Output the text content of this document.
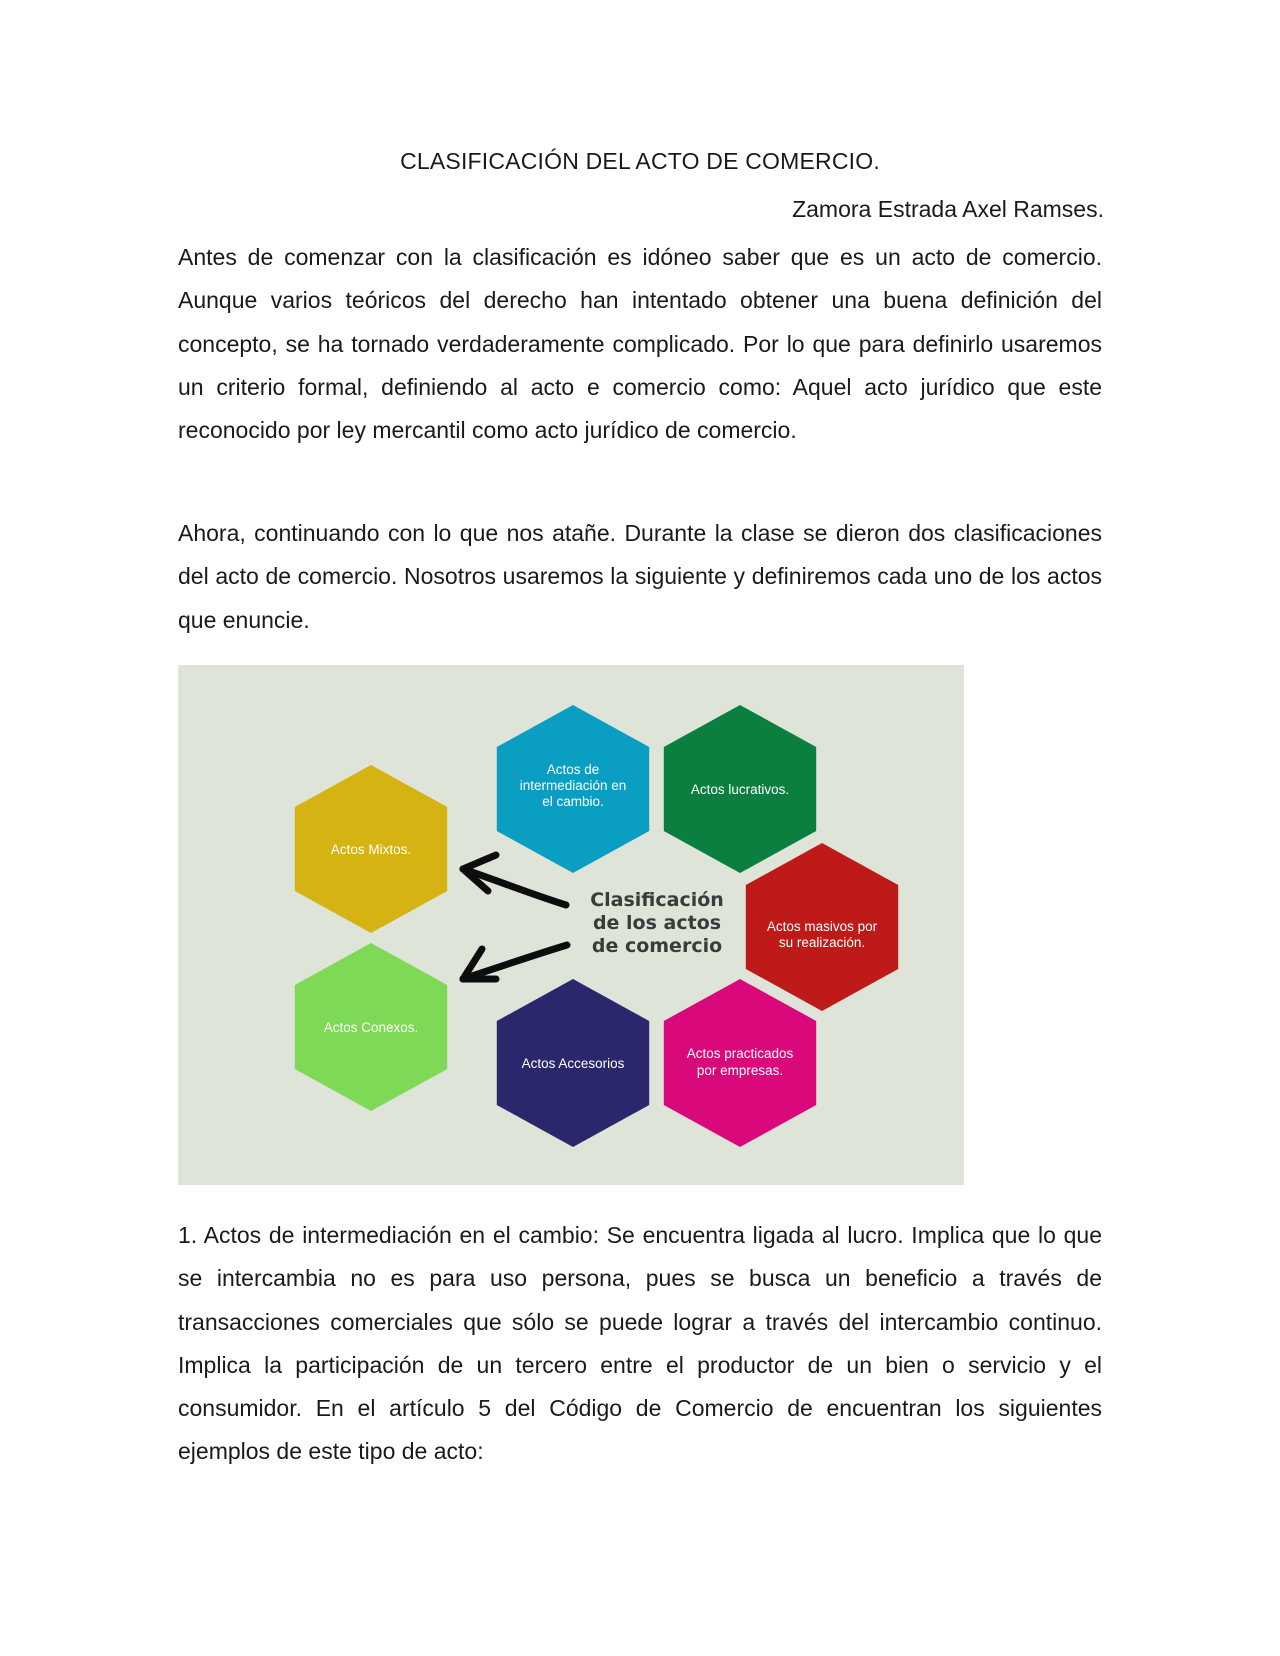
CLASIFICACIÓN DEL ACTO DE COMERCIO.
Zamora Estrada Axel Ramses.

Antes de comenzar con la clasificación es idóneo saber que es un acto de comercio. Aunque varios teóricos del derecho han intentado obtener una buena definición del concepto, se ha tornado verdaderamente complicado. Por lo que para definirlo usaremos un criterio formal, definiendo al acto e comercio como: Aquel acto jurídico que este reconocido por ley mercantil como acto jurídico de comercio.

Ahora, continuando con lo que nos atañe. Durante la clase se dieron dos clasificaciones del acto de comercio. Nosotros usaremos la siguiente y definiremos cada uno de los actos que enuncie.

Actos de
intermediación en
el cambio.
Actos lucrativos.
Actos Mixtos.
Actos masivos por
su realización.
Actos Conexos.
Actos Accesorios
Actos practicados
por empresas.
Clasificación
de los actos
de comercio

1. Actos de intermediación en el cambio: Se encuentra ligada al lucro. Implica que lo que se intercambia no es para uso persona, pues se busca un beneficio a través de transacciones comerciales que sólo se puede lograr a través del intercambio continuo. Implica la participación de un tercero entre el productor de un bien o servicio y el consumidor. En el artículo 5 del Código de Comercio de encuentran los siguientes ejemplos de este tipo de acto:
